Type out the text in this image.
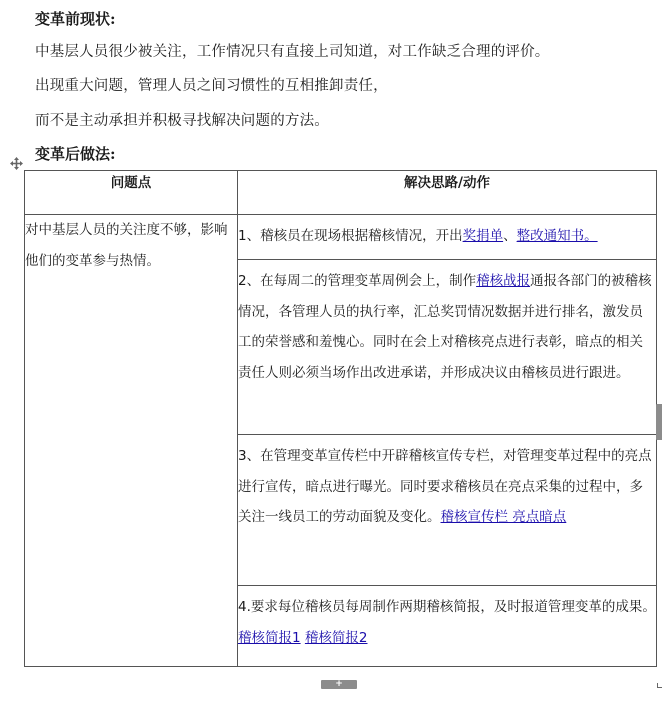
变革前现状:

中基层人员很少被关注，工作情况只有直接上司知道，对工作缺乏合理的评价。

出现重大问题，管理人员之间习惯性的互相推卸责任，

而不是主动承担并积极寻找解决问题的方法。

变革后做法:
问题点	解决思路/动作
对中基层人员的关注度不够，影响他们的变革参与热情。	1、稽核员在现场根据稽核情况，开出奖捐单、整改通知书。

	2、在每周二的管理变革周例会上，制作稽核战报通报各部门的被稽核情况，各管理人员的执行率，汇总奖罚情况数据并进行排名，激发员工的荣誉感和羞愧心。同时在会上对稽核亮点进行表彰，暗点的相关责任人则必须当场作出改进承诺，并形成决议由稽核员进行跟进。

	3、在管理变革宣传栏中开辟稽核宣传专栏，对管理变革过程中的亮点进行宣传，暗点进行曝光。同时要求稽核员在亮点采集的过程中，多关注一线员工的劳动面貌及变化。稽核宣传栏 亮点暗点

	4.要求每位稽核员每周制作两期稽核简报，及时报道管理变革的成果。 稽核简报1 稽核简报2
+
